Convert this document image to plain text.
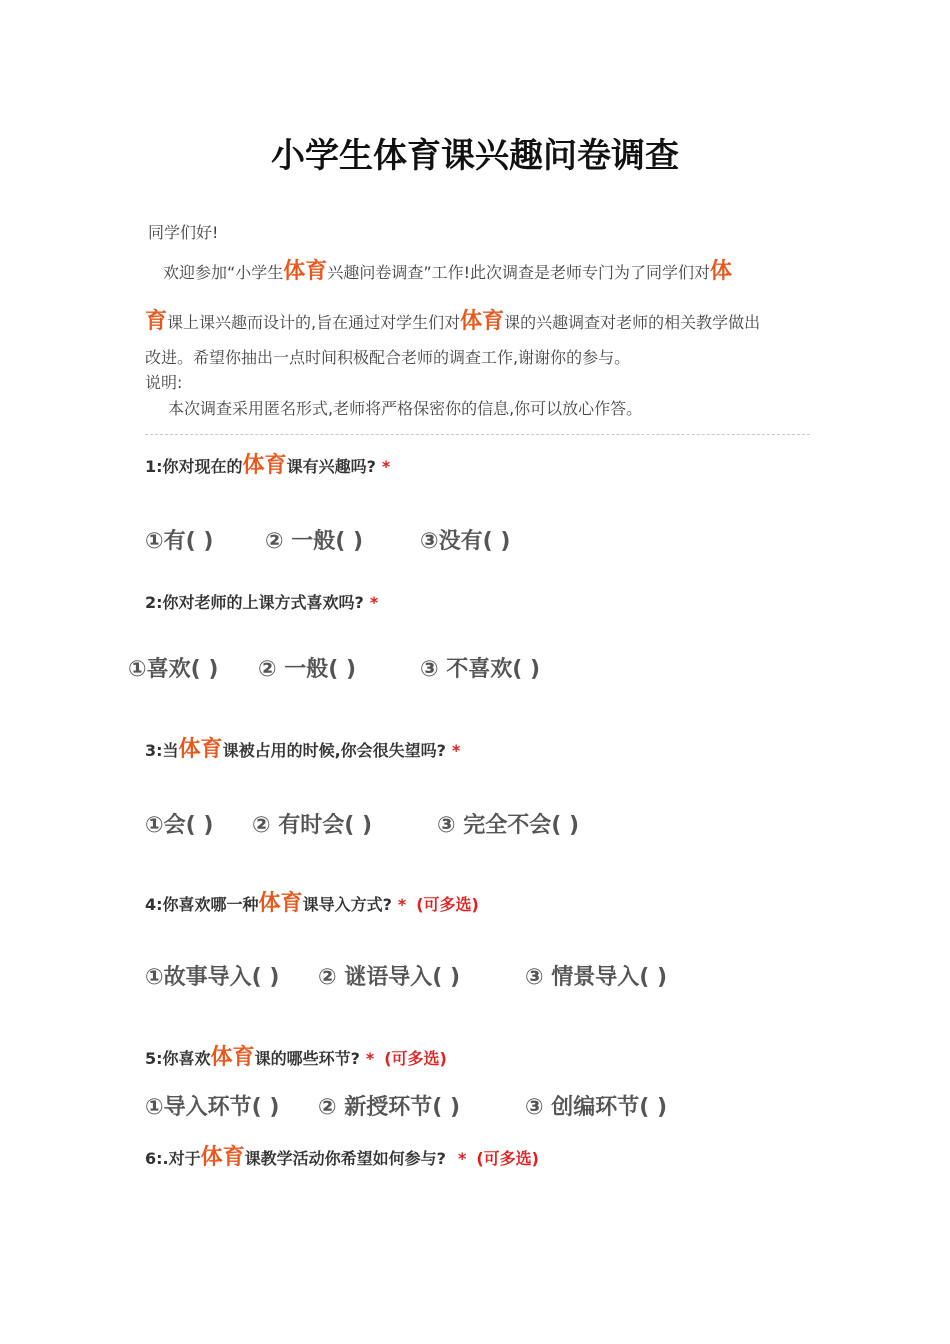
小学生体育课兴趣问卷调查
同学们好!
欢迎参加“小学生体育兴趣问卷调查”工作!此次调查是老师专门为了同学们对体
育课上课兴趣而设计的,旨在通过对学生们对体育课的兴趣调查对老师的相关教学做出
改进。希望你抽出一点时间积极配合老师的调查工作,谢谢你的参与。
说明:
本次调查采用匿名形式,老师将严格保密你的信息,你可以放心作答。
1:你对现在的体育课有兴趣吗? *
①有( ) ② 一般( )	③没有( )
2:你对老师的上课方式喜欢吗? *
①喜欢( ) ② 一般( )	③ 不喜欢( )
3:当体育课被占用的时候,你会很失望吗? *
①会( ) ② 有时会( )	③ 完全不会( )
4:你喜欢哪一种体育课导入方式? * (可多选)
①故事导入( ) ② 谜语导入( )	③ 情景导入( )
5:你喜欢体育课的哪些环节? * (可多选)
①导入环节( ) ② 新授环节( )	③ 创编环节( )
6:.对于体育课教学活动你希望如何参与? * (可多选)
